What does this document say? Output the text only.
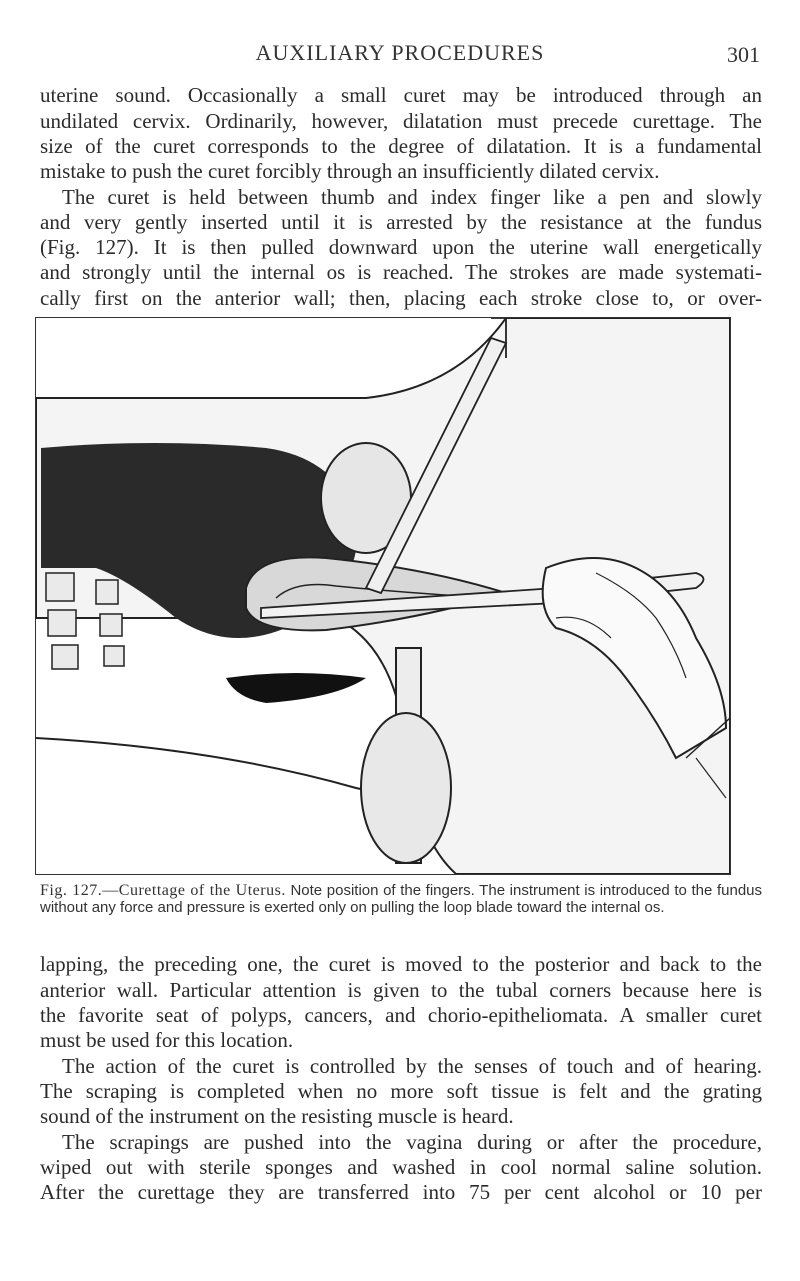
AUXILIARY PROCEDURES	301

uterine sound. Occasionally a small curet may be introduced through an

undilated cervix. Ordinarily, however, dilatation must precede curettage. The

size of the curet corresponds to the degree of dilatation. It is a fundamental

mistake to push the curet forcibly through an insufficiently dilated cervix.

The curet is held between thumb and index finger like a pen and slowly

and very gently inserted until it is arrested by the resistance at the fundus

(Fig. 127). It is then pulled downward upon the uterine wall energetically

and strongly until the internal os is reached. The strokes are made systemati-

cally first on the anterior wall; then, placing each stroke close to, or over-

Fig. 127.—Curettage of the Uterus. Note position of the fingers. The instrument is introduced to the fundus without any force and pressure is exerted only on pulling the loop blade toward the internal os.

lapping, the preceding one, the curet is moved to the posterior and back to the

anterior wall. Particular attention is given to the tubal corners because here is

the favorite seat of polyps, cancers, and chorio-epitheliomata. A smaller curet

must be used for this location.

The action of the curet is controlled by the senses of touch and of hearing.

The scraping is completed when no more soft tissue is felt and the grating

sound of the instrument on the resisting muscle is heard.

The scrapings are pushed into the vagina during or after the procedure,

wiped out with sterile sponges and washed in cool normal saline solution.

After the curettage they are transferred into 75 per cent alcohol or 10 per
